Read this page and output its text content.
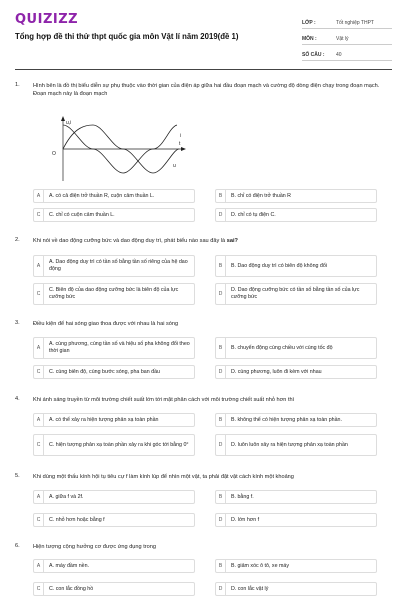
QUIZIZZ
Tổng hợp đề thi thử thpt quốc gia môn Vật lí năm 2019(đề 1)
LỚP :	Tốt nghiệp THPT
MÔN :	Vật lý
SỐ CÂU :	40
1. Hình bên là đồ thị biểu diễn sự phụ thuộc vào thời gian của điện áp giữa hai đầu đoạn mạch và cường độ dòng điện chạy trong đoạn mạch. Đoạn mạch này là đoạn mạch
u,i
O
t
i
u
A	A. có cả điện trở thuần R, cuộn cảm thuần L.	B	B. chỉ có điện trở thuần R
C	C. chỉ có cuộn cảm thuần L.	D	D. chỉ có tụ điện C.
2. Khi nói về dao động cưỡng bức và dao động duy trì, phát biểu nào sau đây là sai?
A
A. Dao động duy trì có tần số bằng tần số riêng của hệ dao động	B	B. Dao động duy trì có biên độ không đổi
C
C. Biên độ của dao động cưỡng bức là biên độ của lực cưỡng bức	D
D. Dao động cưỡng bức có tần số bằng tần số của lực cưỡng bức
3. Điều kiện để hai sóng giao thoa được với nhau là hai sóng
A
A. cùng phương, cùng tần số và hiệu số pha không đổi theo thời gian	B	B. chuyển động cùng chiều với cùng tốc độ
C	C. cùng biên độ, cùng bước sóng, pha ban đầu	D	D. cùng phương, luôn đi kèm với nhau
4. Khi ánh sáng truyền từ môi trường chiết suất lớn tới mặt phân cách với môi trường chiết suất nhỏ hơn thì
A	A. có thể xảy ra hiện tượng phản xạ toàn phần	B	B. không thể có hiện tượng phản xạ toàn phần.
C	C. hiện tượng phản xạ toàn phần xảy ra khi góc tới bằng 0°	D	D. luôn luôn xảy ra hiện tượng phản xạ toàn phần
5. Khi dùng một thấu kính hội tụ tiêu cự f làm kính lúp để nhìn một vật, ta phải đặt vật cách kính một khoảng
A	A. giữa f và 2f.	B	B. bằng f.
C	C. nhỏ hơn hoặc bằng f	D	D. lớn hơn f
6. Hiện tượng cộng hưởng cơ được ứng dụng trong
A	A. máy đầm nền.	B	B. giảm xóc ô tô, xe máy
C	C. con lắc đồng hồ	D	D. con lắc vật lý
